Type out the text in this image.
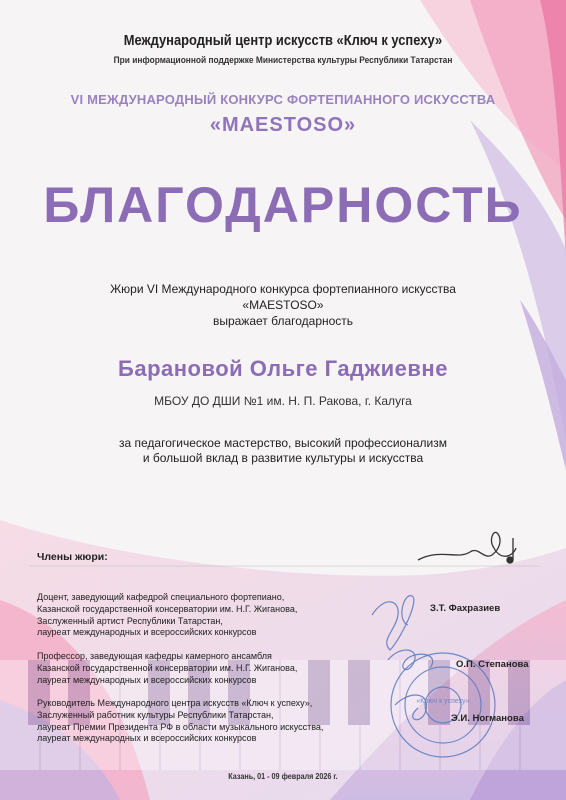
«Ключ к успеху»
Международный центр искусств «Ключ к успеху»
При информационной поддержке Министерства культуры Республики Татарстан
VI МЕЖДУНАРОДНЫЙ КОНКУРС ФОРТЕПИАННОГО ИСКУССТВА
«MAESTOSO»
БЛАГОДАРНОСТЬ
Жюри VI Международного конкурса фортепианного искусства
«MAESTOSO»
выражает благодарность
Барановой Ольге Гаджиевне
МБОУ ДО ДШИ №1 им. Н. П. Ракова, г. Калуга
за педагогическое мастерство, высокий профессионализм
и большой вклад в развитие культуры и искусства
Члены жюри:
Доцент, заведующий кафедрой специального фортепиано,
Казанской государственной консерватории им. Н.Г. Жиганова,
Заслуженный артист Республики Татарстан,
лауреат международных и всероссийских конкурсов
З.Т. Фахразиев
Профессор, заведующая кафедры камерного ансамбля
Казанской государственной консерватории им. Н.Г. Жиганова,
лауреат международных и всероссийских конкурсов
О.П. Степанова
Руководитель Международного центра искусств «Ключ к успеху»,
Заслуженный работник культуры Республики Татарстан,
лауреат Премии Президента РФ в области музыкального искусства,
лауреат международных и всероссийских конкурсов
Э.И. Ногманова
Казань, 01 - 09 февраля 2026 г.
